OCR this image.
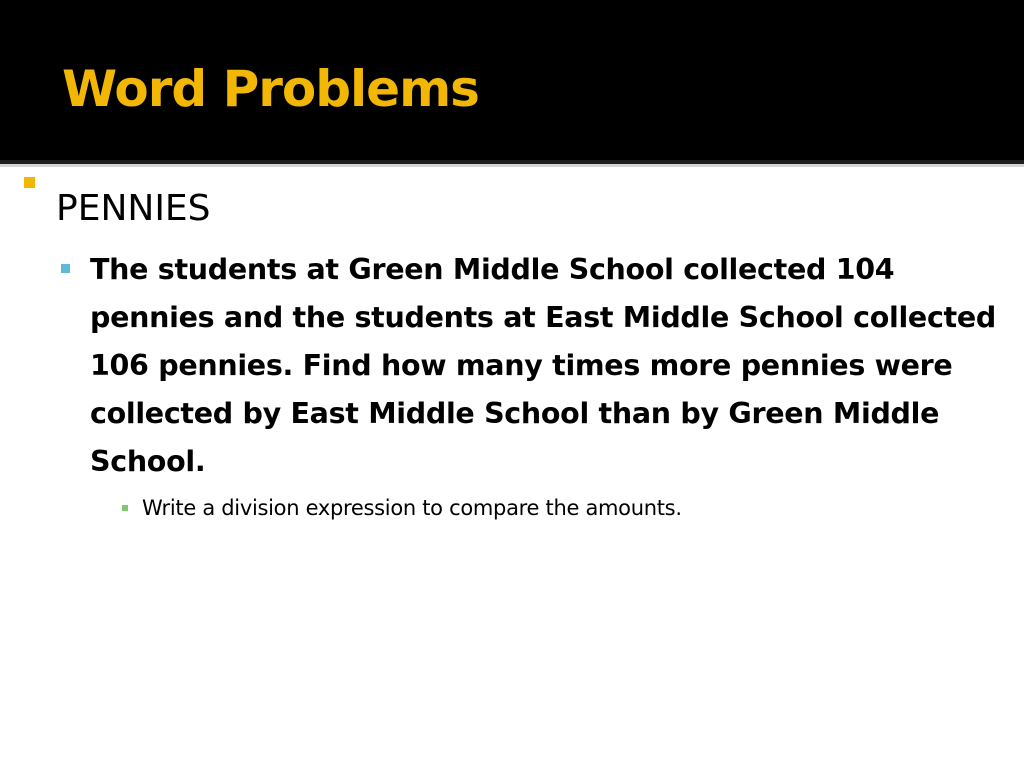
Word Problems
PENNIES
The students at Green Middle School collected 104 pennies and the students at East Middle School collected 106 pennies. Find how many times more pennies were collected by East Middle School than by Green Middle School.
Write a division expression to compare the amounts.
